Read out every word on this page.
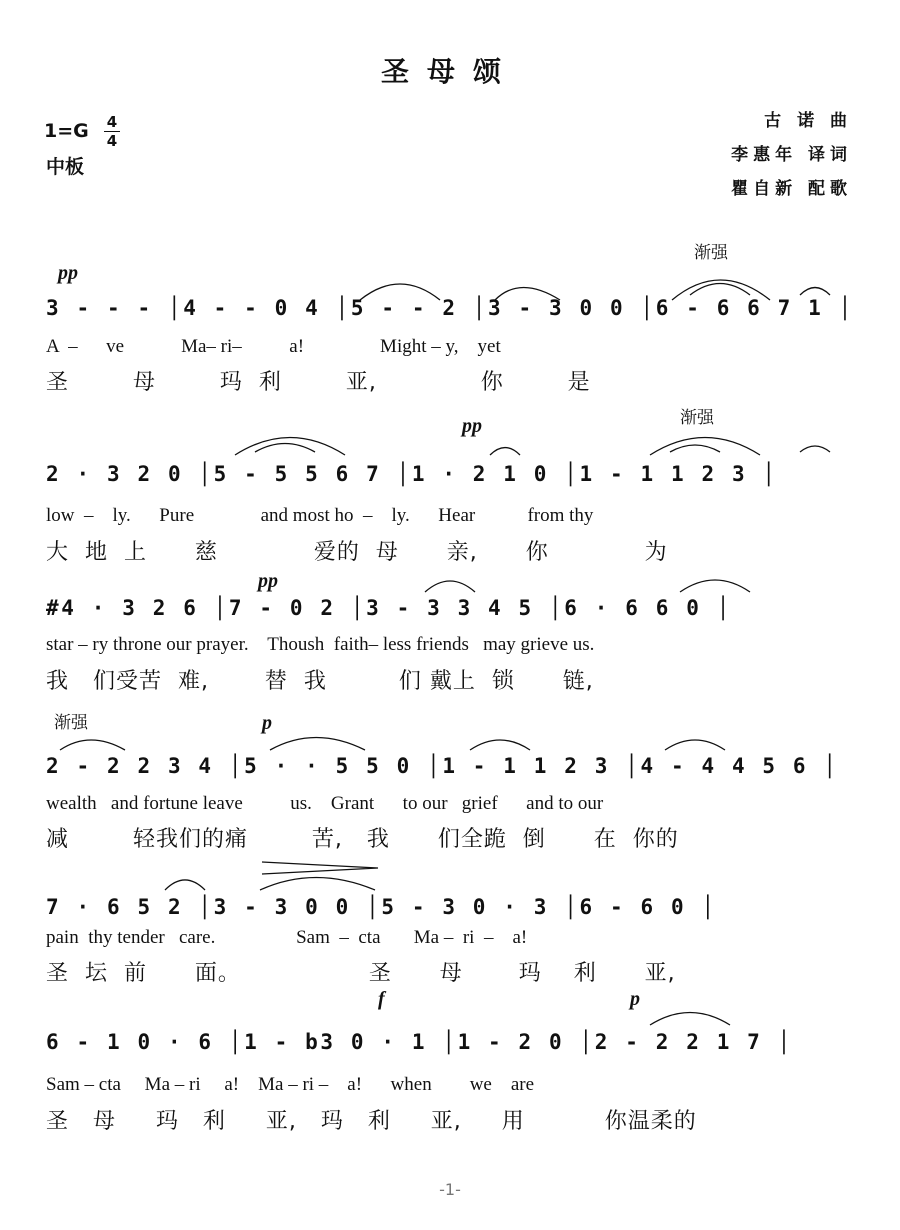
圣母颂
1=G 4
4
中板
古 诺 曲
李惠年 译词
瞿自新 配歌
pp
渐强
3 - - - │4 - - 0 4 │5 - - 2 │3 - 3 0 0 │6 - 6 6 7 1 │
A  –      ve            Ma– ri–          a!                Might – y,    yet
圣        母        玛  利        亚,             你        是
pp	渐强
2 · 3 2 0 │5 - 5 5 6 7 │1 · 2 1 0 │1 - 1 1 2 3 │
low  –    ly.      Pure              and most ho  –    ly.      Hear           from thy
大  地  上      慈            爱的  母      亲,      你            为
pp
#4 · 3 2 6 │7 - 0 2 │3 - 3 3 4 5 │6 · 6 6 0 │
star – ry throne our prayer.    Thoush  faith– less friends   may grieve us.
我   们受苦  难,       替  我         们 戴上  锁      链,
渐强	p
2 - 2 2 3 4 │5 · · 5 5 0 │1 - 1 1 2 3 │4 - 4 4 5 6 │
wealth   and fortune leave          us.    Grant      to our   grief      and to our
减        轻我们的痛        苦,   我      们全跪  倒      在  你的
7 · 6 5 2 │3 - 3 0 0 │5 - 3 0 · 3 │6 - 6 0 │
pain  thy tender   care.                 Sam  –  cta       Ma –  ri  –    a!
圣  坛  前      面。                圣      母       玛    利      亚,
f	p
6 - 1 0 · 6 │1 - b3 0 · 1 │1 - 2 0 │2 - 2 2 1 7 │
Sam – cta     Ma – ri     a!    Ma – ri –    a!      when        we    are
圣   母     玛   利     亚,   玛   利     亚,     用          你温柔的
-1-
